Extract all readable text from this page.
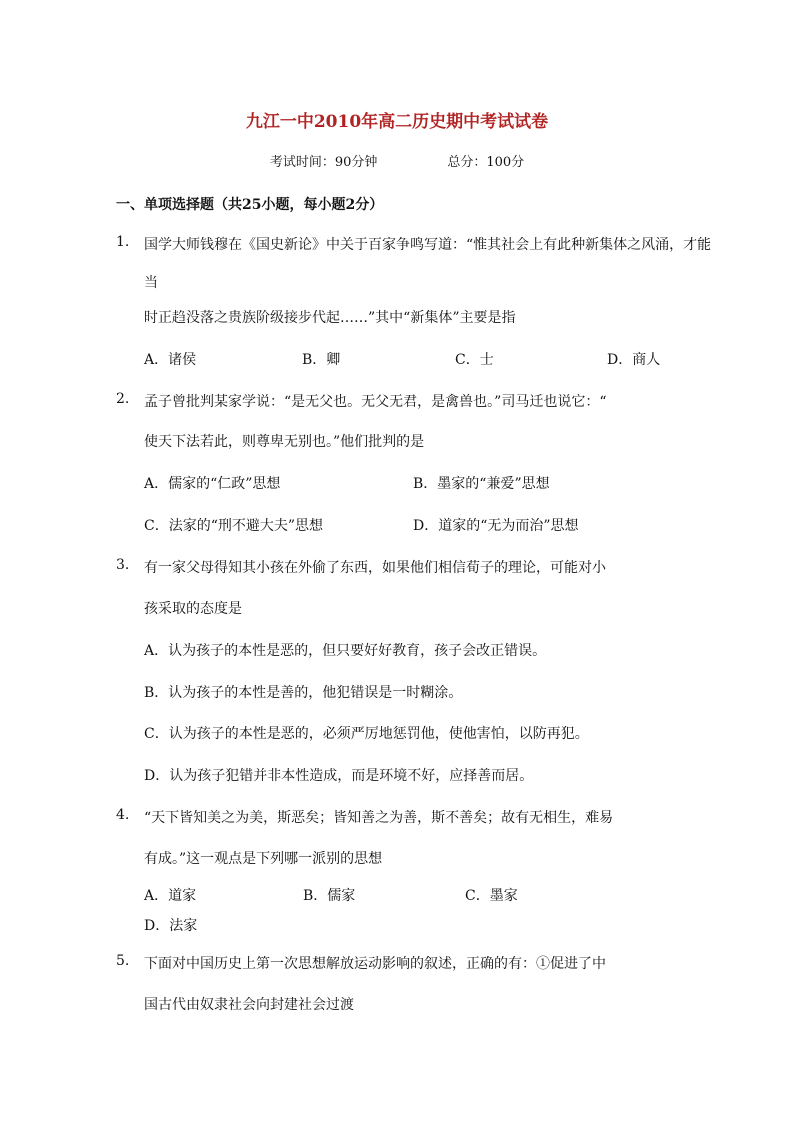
九江一中2010年高二历史期中考试试卷
考试时间：90分钟	总分：100分
一、单项选择题（共25小题，每小题2分）
1. 国学大师钱穆在《国史新论》中关于百家争鸣写道：“惟其社会上有此种新集体之风涌，才能
当
时正趋没落之贵族阶级接步代起……”其中“新集体”主要是指
A．诸侯	B．卿	C．士	D．商人
2. 孟子曾批判某家学说：“是无父也。无父无君，是禽兽也。”司马迁也说它：“
使天下法若此，则尊卑无别也。”他们批判的是
A．儒家的“仁政”思想	B．墨家的“兼爱”思想
C．法家的“刑不避大夫”思想	D．道家的“无为而治”思想
3. 有一家父母得知其小孩在外偷了东西，如果他们相信荀子的理论，可能对小
孩采取的态度是
A．认为孩子的本性是恶的，但只要好好教育，孩子会改正错误。
B．认为孩子的本性是善的，他犯错误是一时糊涂。
C．认为孩子的本性是恶的，必须严厉地惩罚他，使他害怕，以防再犯。
D．认为孩子犯错并非本性造成，而是环境不好，应择善而居。
4. “天下皆知美之为美，斯恶矣；皆知善之为善，斯不善矣；故有无相生，难易
有成。”这一观点是下列哪一派别的思想
A．道家	B．儒家	C．墨家
D．法家
5. 下面对中国历史上第一次思想解放运动影响的叙述，正确的有：①促进了中
国古代由奴隶社会向封建社会过渡
